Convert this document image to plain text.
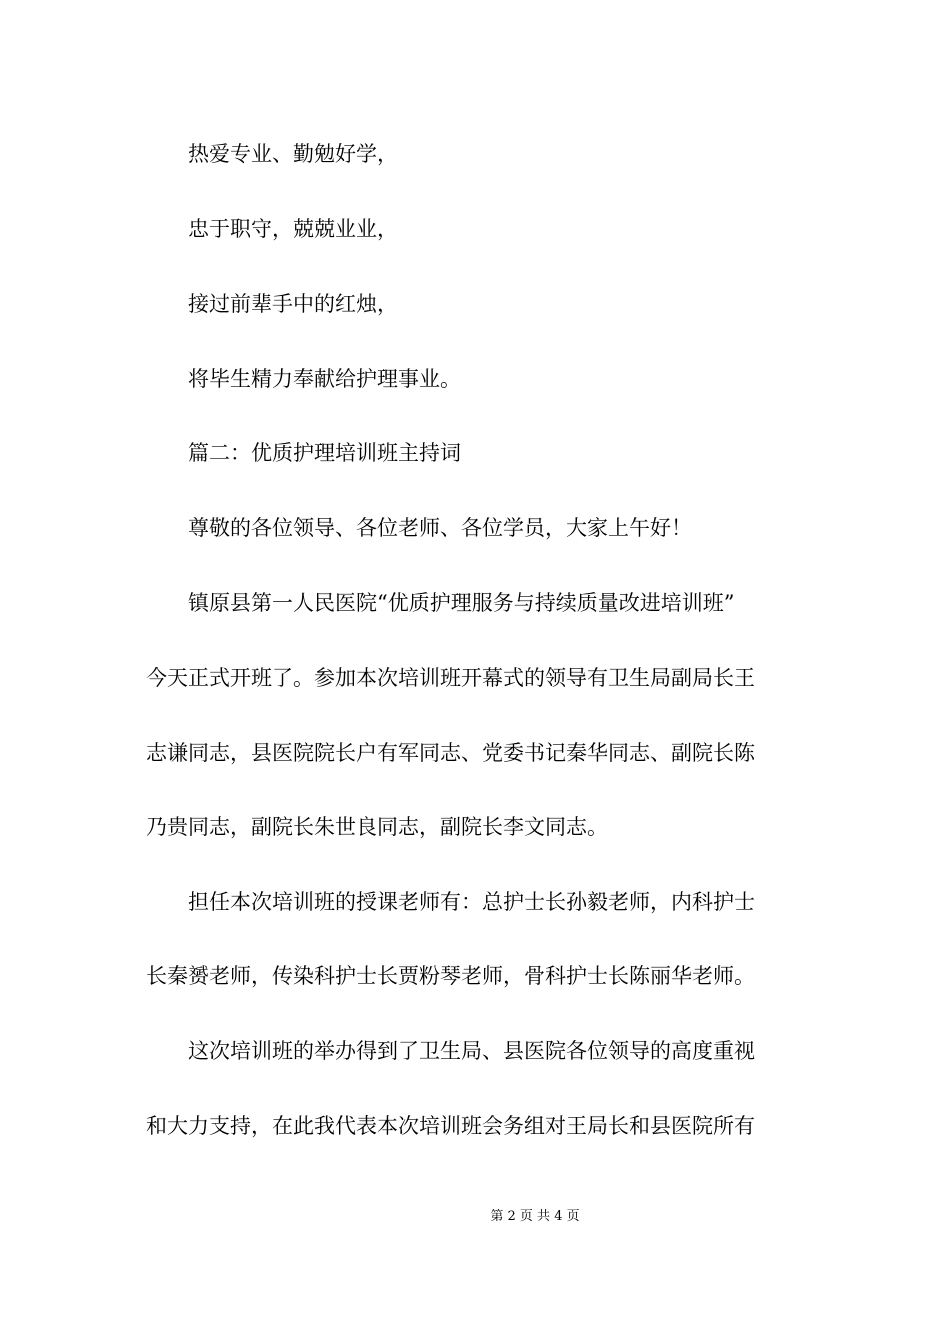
热爱专业、勤勉好学，
忠于职守，兢兢业业，
接过前辈手中的红烛，
将毕生精力奉献给护理事业。
篇二：优质护理培训班主持词
尊敬的各位领导、各位老师、各位学员，大家上午好！
镇原县第一人民医院“优质护理服务与持续质量改进培训班”
今天正式开班了。参加本次培训班开幕式的领导有卫生局副局长王
志谦同志，县医院院长户有军同志、党委书记秦华同志、副院长陈
乃贵同志，副院长朱世良同志，副院长李文同志。
担任本次培训班的授课老师有：总护士长孙毅老师，内科护士
长秦赟老师，传染科护士长贾粉琴老师，骨科护士长陈丽华老师。
这次培训班的举办得到了卫生局、县医院各位领导的高度重视
和大力支持，在此我代表本次培训班会务组对王局长和县医院所有
第 2 页 共 4 页
